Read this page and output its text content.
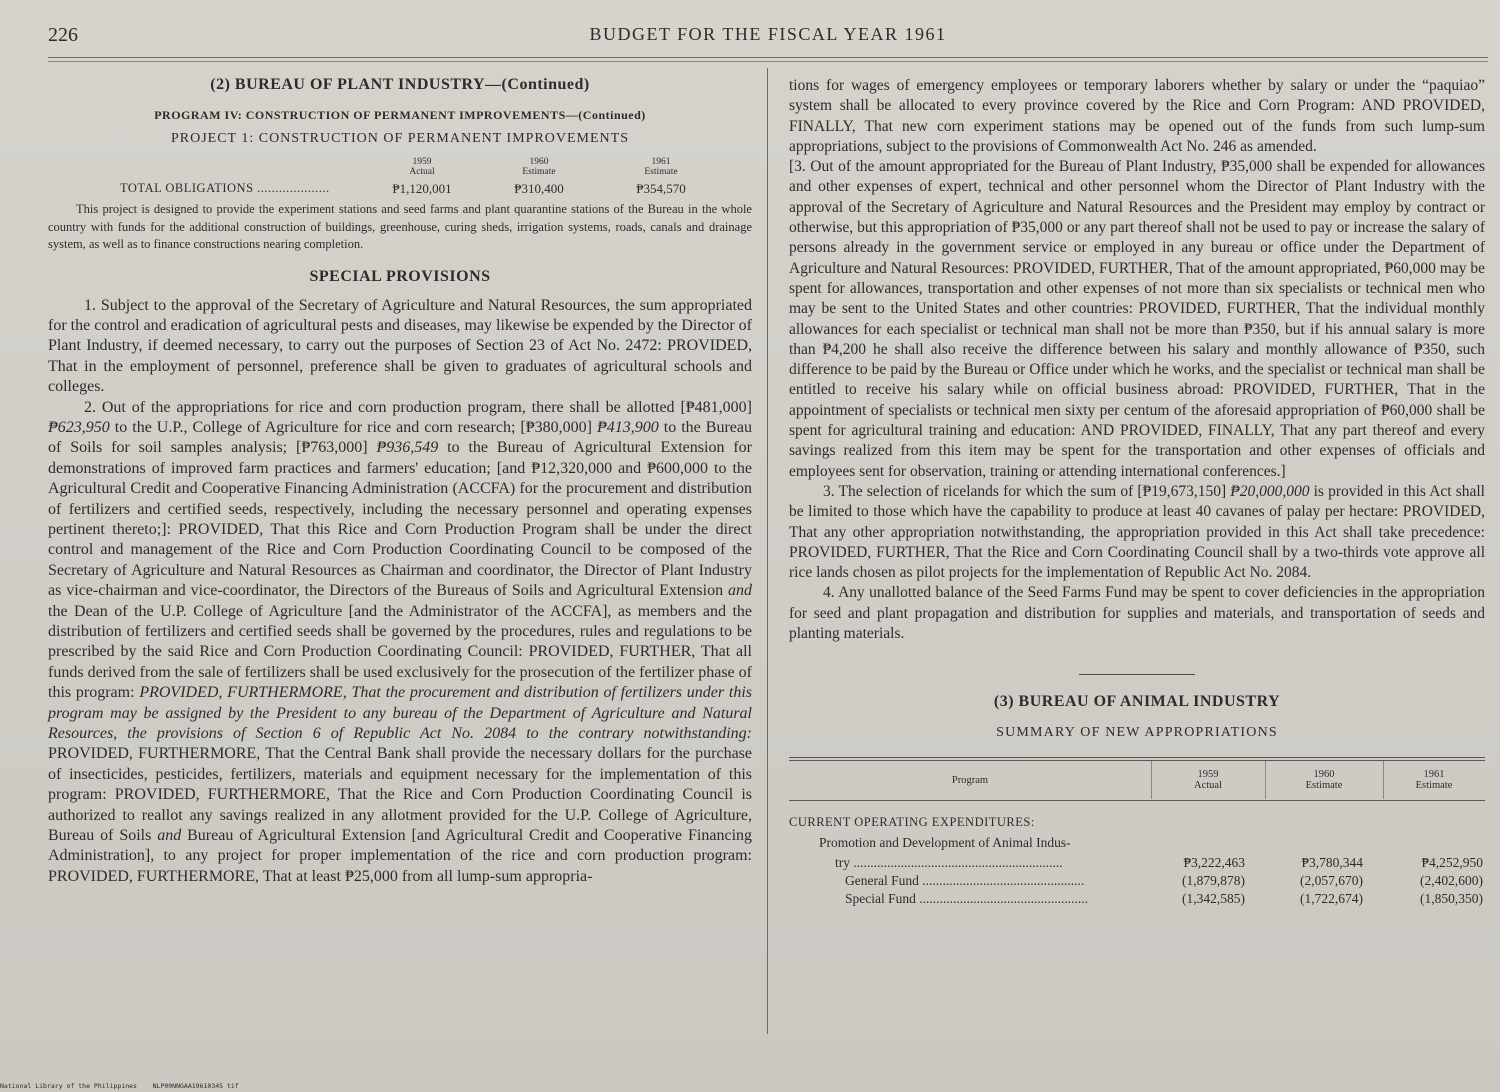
226	BUDGET FOR THE FISCAL YEAR 1961
(2) BUREAU OF PLANT INDUSTRY—(Continued)
PROGRAM IV: CONSTRUCTION OF PERMANENT IMPROVEMENTS—(Continued)
PROJECT 1: CONSTRUCTION OF PERMANENT IMPROVEMENTS
1959
Actual
1960
Estimate
1961
Estimate
TOTAL OBLIGATIONS ....................	₱1,120,001	₱310,400	₱354,570

This project is designed to provide the experiment stations and seed farms and plant quarantine stations of the Bureau in the whole country with funds for the additional construction of buildings, greenhouse, curing sheds, irrigation systems, roads, canals and drainage system, as well as to finance constructions nearing completion.

SPECIAL PROVISIONS

1. Subject to the approval of the Secretary of Agriculture and Natural Resources, the sum appropriated for the control and eradication of agricultural pests and diseases, may likewise be expended by the Director of Plant Industry, if deemed necessary, to carry out the purposes of Section 23 of Act No. 2472: PROVIDED, That in the employment of personnel, preference shall be given to graduates of agricultural schools and colleges.

2. Out of the appropriations for rice and corn production program, there shall be allotted [₱481,000] ₱623,950 to the U.P., College of Agriculture for rice and corn research; [₱380,000] ₱413,900 to the Bureau of Soils for soil samples analysis; [₱763,000] ₱936,549 to the Bureau of Agricultural Extension for demonstrations of improved farm practices and farmers' education; [and ₱12,320,000 and ₱600,000 to the Agricultural Credit and Cooperative Financing Administration (ACCFA) for the procurement and distribution of fertilizers and certified seeds, respectively, including the necessary personnel and operating expenses pertinent thereto;]: PROVIDED, That this Rice and Corn Production Program shall be under the direct control and management of the Rice and Corn Production Coordinating Council to be composed of the Secretary of Agriculture and Natural Resources as Chairman and coordinator, the Director of Plant Industry as vice-chairman and vice-coordinator, the Directors of the Bureaus of Soils and Agricultural Extension and the Dean of the U.P. College of Agriculture [and the Administrator of the ACCFA], as members and the distribution of fertilizers and certified seeds shall be governed by the procedures, rules and regulations to be prescribed by the said Rice and Corn Production Coordinating Council: PROVIDED, FURTHER, That all funds derived from the sale of fertilizers shall be used exclusively for the prosecution of the fertilizer phase of this program: PROVIDED, FURTHERMORE, That the procurement and distribution of fertilizers under this program may be assigned by the President to any bureau of the Department of Agriculture and Natural Resources, the provisions of Section 6 of Republic Act No. 2084 to the contrary notwithstanding: PROVIDED, FURTHERMORE, That the Central Bank shall provide the necessary dollars for the purchase of insecticides, pesticides, fertilizers, materials and equipment necessary for the implementation of this program: PROVIDED, FURTHERMORE, That the Rice and Corn Production Coordinating Council is authorized to reallot any savings realized in any allotment provided for the U.P. College of Agriculture, Bureau of Soils and Bureau of Agricultural Extension [and Agricultural Credit and Cooperative Financing Administration], to any project for proper implementation of the rice and corn production program: PROVIDED, FURTHERMORE, That at least ₱25,000 from all lump-sum appropria-

tions for wages of emergency employees or temporary laborers whether by salary or under the “paquiao” system shall be allocated to every province covered by the Rice and Corn Program: AND PROVIDED, FINALLY, That new corn experiment stations may be opened out of the funds from such lump-sum appropriations, subject to the provisions of Commonwealth Act No. 246 as amended.

[3. Out of the amount appropriated for the Bureau of Plant Industry, ₱35,000 shall be expended for allowances and other expenses of expert, technical and other personnel whom the Director of Plant Industry with the approval of the Secretary of Agriculture and Natural Resources and the President may employ by contract or otherwise, but this appropriation of ₱35,000 or any part thereof shall not be used to pay or increase the salary of persons already in the government service or employed in any bureau or office under the Department of Agriculture and Natural Resources: PROVIDED, FURTHER, That of the amount appropriated, ₱60,000 may be spent for allowances, transportation and other expenses of not more than six specialists or technical men who may be sent to the United States and other countries: PROVIDED, FURTHER, That the individual monthly allowances for each specialist or technical man shall not be more than ₱350, but if his annual salary is more than ₱4,200 he shall also receive the difference between his salary and monthly allowance of ₱350, such difference to be paid by the Bureau or Office under which he works, and the specialist or technical man shall be entitled to receive his salary while on official business abroad: PROVIDED, FURTHER, That in the appointment of specialists or technical men sixty per centum of the aforesaid appropriation of ₱60,000 shall be spent for agricultural training and education: AND PROVIDED, FINALLY, That any part thereof and every savings realized from this item may be spent for the transportation and other expenses of officials and employees sent for observation, training or attending international conferences.]

3. The selection of ricelands for which the sum of [₱19,673,150] ₱20,000,000 is provided in this Act shall be limited to those which have the capability to produce at least 40 cavanes of palay per hectare: PROVIDED, That any other appropriation notwithstanding, the appropriation provided in this Act shall take precedence: PROVIDED, FURTHER, That the Rice and Corn Coordinating Council shall by a two-thirds vote approve all rice lands chosen as pilot projects for the implementation of Republic Act No. 2084.

4. Any unallotted balance of the Seed Farms Fund may be spent to cover deficiencies in the appropriation for seed and plant propagation and distribution for supplies and materials, and transportation of seeds and planting materials.

(3) BUREAU OF ANIMAL INDUSTRY
SUMMARY OF NEW APPROPRIATIONS
Program
1959
Actual
1960
Estimate
1961
Estimate
CURRENT OPERATING EXPENDITURES:
Promotion and Development of Animal Indus-
try ..............................................................	₱3,222,463	₱3,780,344	₱4,252,950
General Fund ................................................	(1,879,878)	(2,057,670)	(2,402,600)
Special Fund ..................................................	(1,342,585)	(1,722,674)	(1,850,350)
National Library of the Philippines    NLP00NNGAA19610345 tif
